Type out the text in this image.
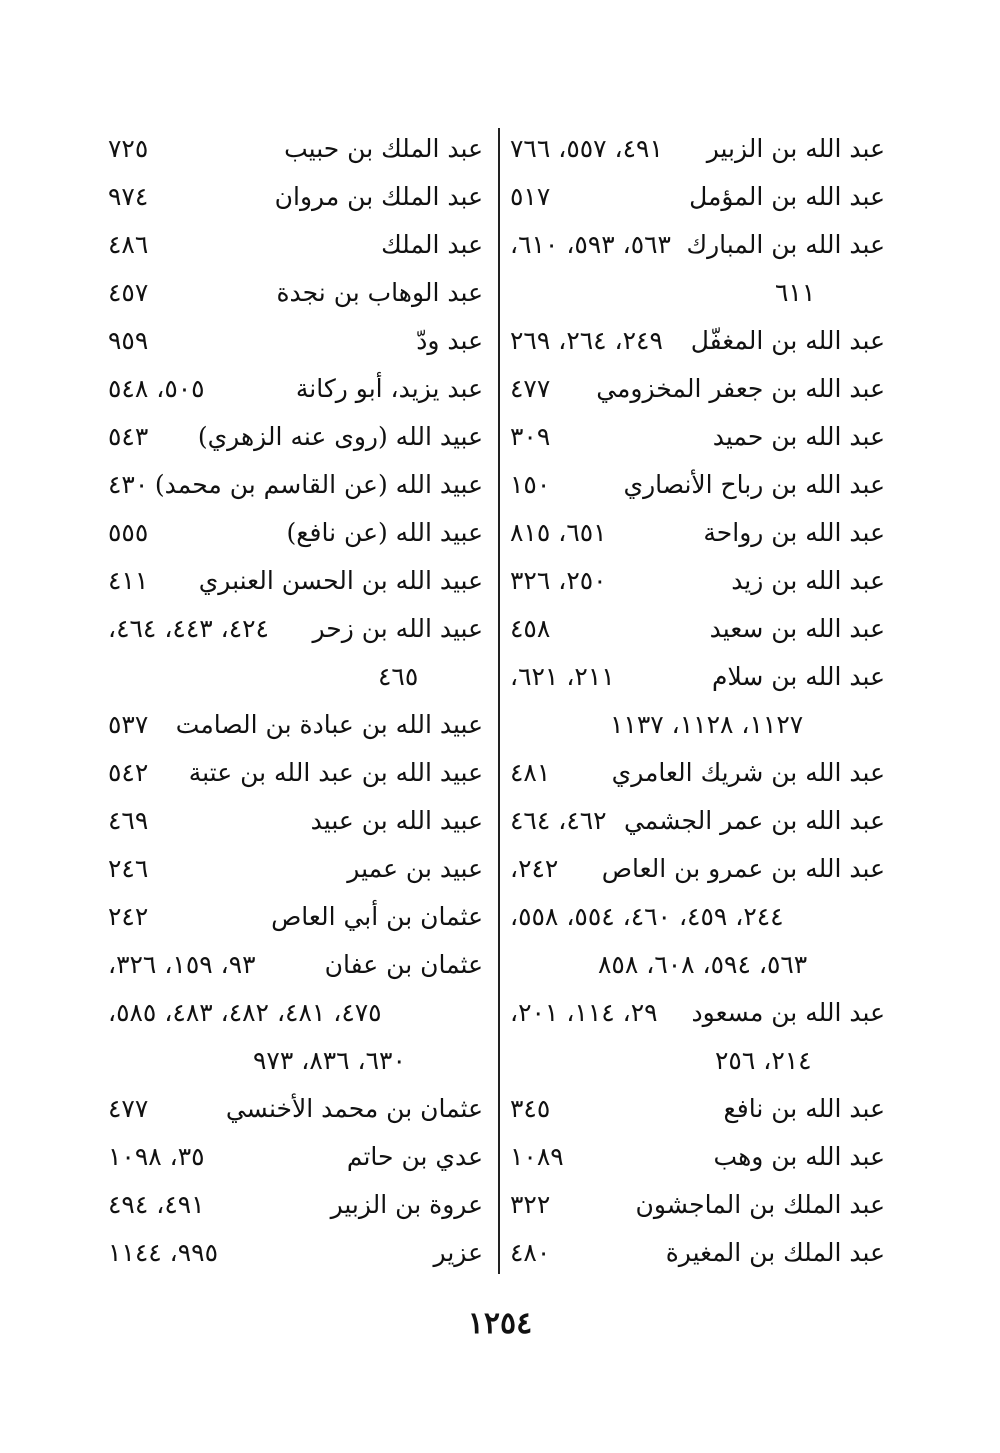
عبد الله بن الزبير
٤٩١، ٥٥٧، ٧٦٦
عبد الله بن المؤمل
٥١٧
عبد الله بن المبارك
٥٦٣، ٥٩٣، ٦١٠،
٦١١
عبد الله بن المغفّل
٢٤٩، ٢٦٤، ٢٦٩
عبد الله بن جعفر المخزومي
٤٧٧
عبد الله بن حميد
٣٠٩
عبد الله بن رباح الأنصاري
١٥٠
عبد الله بن رواحة
٦٥١، ٨١٥
عبد الله بن زيد
٢٥٠، ٣٢٦
عبد الله بن سعيد
٤٥٨
عبد الله بن سلام
٢١١، ٦٢١،
١١٢٧، ١١٢٨، ١١٣٧
عبد الله بن شريك العامري
٤٨١
عبد الله بن عمر الجشمي
٤٦٢، ٤٦٤
عبد الله بن عمرو بن العاص
٢٤٢،
٢٤٤، ٤٥٩، ٤٦٠، ٥٥٤، ٥٥٨،
٥٦٣، ٥٩٤، ٦٠٨، ٨٥٨
عبد الله بن مسعود
٢٩، ١١٤، ٢٠١،
٢١٤، ٢٥٦
عبد الله بن نافع
٣٤٥
عبد الله بن وهب
١٠٨٩
عبد الملك بن الماجشون
٣٢٢
عبد الملك بن المغيرة
٤٨٠
عبد الملك بن حبيب
٧٢٥
عبد الملك بن مروان
٩٧٤
عبد الملك
٤٨٦
عبد الوهاب بن نجدة
٤٥٧
عبد ودّ
٩٥٩
عبد يزيد، أبو ركانة
٥٠٥، ٥٤٨
عبيد الله (روى عنه الزهري)
٥٤٣
عبيد الله (عن القاسم بن محمد)
٤٣٠
عبيد الله (عن نافع)
٥٥٥
عبيد الله بن الحسن العنبري
٤١١
عبيد الله بن زحر
٤٢٤، ٤٤٣، ٤٦٤،
٤٦٥
عبيد الله بن عبادة بن الصامت
٥٣٧
عبيد الله بن عبد الله بن عتبة
٥٤٢
عبيد الله بن عبيد
٤٦٩
عبيد بن عمير
٢٤٦
عثمان بن أبي العاص
٢٤٢
عثمان بن عفان
٩٣، ١٥٩، ٣٢٦،
٤٧٥، ٤٨١، ٤٨٢، ٤٨٣، ٥٨٥،
٦٣٠، ٨٣٦، ٩٧٣
عثمان بن محمد الأخنسي
٤٧٧
عدي بن حاتم
٣٥، ١٠٩٨
عروة بن الزبير
٤٩١، ٤٩٤
عزير
٩٩٥، ١١٤٤
١٢٥٤
